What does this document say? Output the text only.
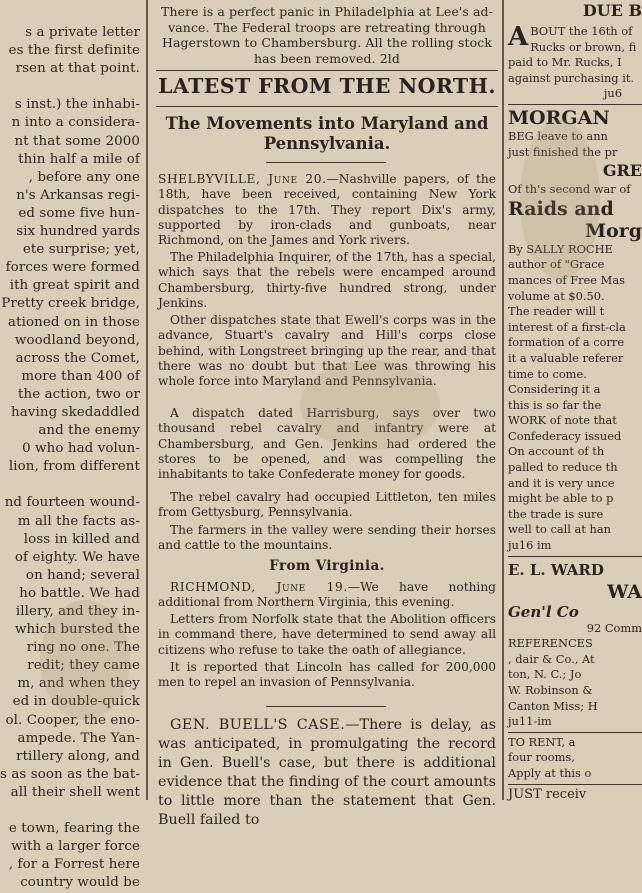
s a private letter
es the first definite
rsen at that point.

s inst.) the inhabi-
n into a considera-
nt that some 2000
thin half a mile of
, before any one
n's Arkansas regi-
ed some five hun-
six hundred yards
ete surprise; yet,
forces were formed
ith great spirit and
Pretty creek bridge,
ationed on in those
woodland beyond,
across the Comet,
more than 400 of
the action, two or
having skedaddled
and the enemy
0 who had volun-
lion, from different

nd fourteen wound-
m all the facts as-
loss in killed and
of eighty. We have
on hand; several
ho battle. We had
illery, and they in-
which bursted the
ring no one. The
redit; they came
m, and when they
ed in double-quick
ol. Cooper, the eno-
ampede. The Yan-
rtillery along, and
s as soon as the bat-
all their shell went

e town, fearing the
with a larger force
, for a Forrest here
country would be
There is a perfect panic in Philadelphia at Lee's ad-
vance. The Federal troops are retreating through
Hagerstown to Chambersburg. All the rolling stock
has been removed. 2ld
LATEST FROM THE NORTH.
The Movements into Maryland and
Pennsylvania.
SHELBYVILLE, June 20.—Nashville papers, of the 18th, have been received, containing New York dispatches to the 17th. They report Dix's army, supported by iron-clads and gunboats, near Richmond, on the James and York rivers.
The Philadelphia Inquirer, of the 17th, has a special, which says that the rebels were encamped around Chambersburg, thirty-five hundred strong, under Jenkins.
Other dispatches state that Ewell's corps was in the advance, Stuart's cavalry and Hill's corps close behind, with Longstreet bringing up the rear, and that there was no doubt but that Lee was throwing his whole force into Maryland and Pennsylvania.
A dispatch dated Harrisburg, says over two thousand rebel cavalry and infantry were at Chambersburg, and Gen. Jenkins had ordered the stores to be opened, and was compelling the inhabitants to take Confederate money for goods.
The rebel cavalry had occupied Littleton, ten miles from Gettysburg, Pennsylvania.
The farmers in the valley were sending their horses and cattle to the mountains.
From Virginia.
RICHMOND, June 19.—We have nothing additional from Northern Virginia, this evening.
Letters from Norfolk state that the Abolition officers in command there, have determined to send away all citizens who refuse to take the oath of allegiance.
It is reported that Lincoln has called for 200,000 men to repel an invasion of Pennsylvania.
GEN. BUELL'S CASE.—There is delay, as was anticipated, in promulgating the record in Gen. Buell's case, but there is additional evidence that the finding of the court amounts to little more than the statement that Gen. Buell failed to
DUE B
A BOUT the 16th of
Rucks or brown, fi
paid to Mr. Rucks, I
against purchasing it.
ju6
MORGAN
BEG leave to ann
just finished the pr
GRE
Of th's second war of
Raids and
Morg
By SALLY ROCHE
author of "Grace
mances of Free Mas
volume at $0.50.
The reader will t
interest of a first-cla
formation of a corre
it a valuable referer
time to come.
Considering it a
this is so far the
WORK of note that
Confederacy issued
On account of th
palled to reduce th
and it is very unce
might be able to p
the trade is sure
well to call at han
ju16 im
E. L. WARD
WA
Gen'l Co
92 Comm
REFERENCES
, dair & Co., At
ton, N. C.; Jo
W. Robinson &
Canton Miss; H
ju11-im
TO RENT, a
four rooms,
Apply at this o
JUST receiv
